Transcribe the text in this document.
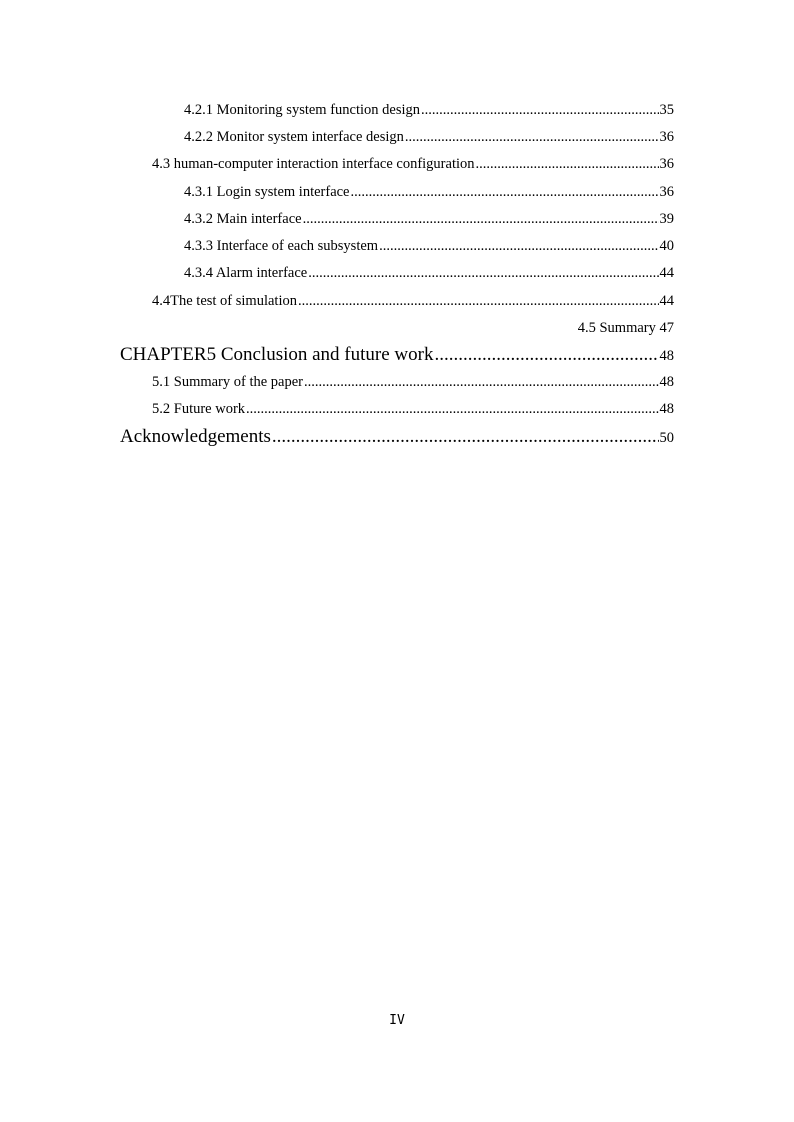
4.2.1 Monitoring system function design .....	35
4.2.2 Monitor system interface design .....	36
4.3 human-computer interaction interface configuration .....	36
4.3.1 Login system interface .....	36
4.3.2 Main interface .....	39
4.3.3 Interface of each subsystem .....	40
4.3.4 Alarm interface .....	44
4.4The test of simulation .....	44
4.5 Summary 47
CHAPTER5 Conclusion and future work .....	48
5.1 Summary of the paper .....	48
5.2 Future work .....	48
Acknowledgements .....	50
IV
